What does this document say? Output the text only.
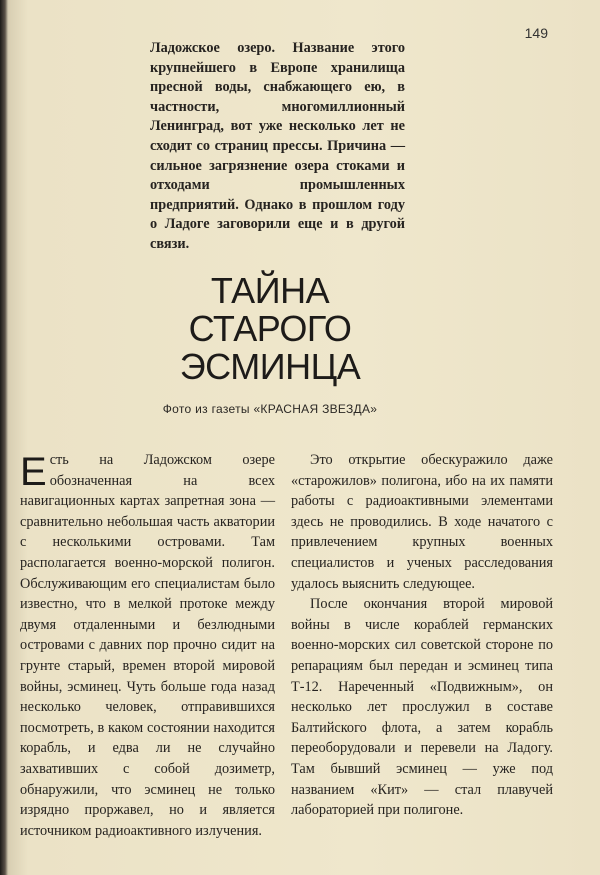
149

Ладожское озеро. Название этого крупнейшего в Европе хранилища пресной воды, снабжающего ею, в частности, многомиллионный Ленинград, вот уже несколько лет не сходит со страниц прессы. Причина — сильное загрязнение озера стоками и отходами промышленных предприятий. Однако в прошлом году о Ладоге заговорили еще и в другой связи.

ТАЙНА
СТАРОГО
ЭСМИНЦА
Фото из газеты «КРАСНАЯ ЗВЕЗДА»

Есть на Ладожском озере обозначенная на всех навигационных картах запретная зона — сравнительно небольшая часть акватории с несколькими островами. Там располагается военно-морской полигон. Обслуживающим его специалистам было известно, что в мелкой протоке между двумя отдаленными и безлюдными островами с давних пор прочно сидит на грунте старый, времен второй мировой войны, эсминец. Чуть больше года назад несколько человек, отправившихся посмотреть, в каком состоянии находится корабль, и едва ли не случайно захвативших с собой дозиметр, обнаружили, что эсминец не только изрядно проржавел, но и является источником радиоактивного излучения.

Это открытие обескуражило даже «старожилов» полигона, ибо на их памяти работы с радиоактивными элементами здесь не проводились. В ходе начатого с привлечением крупных военных специалистов и ученых расследования удалось выяснить следующее.

После окончания второй мировой войны в числе кораблей германских военно-морских сил советской стороне по репарациям был передан и эсминец типа Т-12. Нареченный «Подвижным», он несколько лет прослужил в составе Балтийского флота, а затем корабль переоборудовали и перевели на Ладогу. Там бывший эсминец — уже под названием «Кит» — стал плавучей лабораторией при полигоне.
